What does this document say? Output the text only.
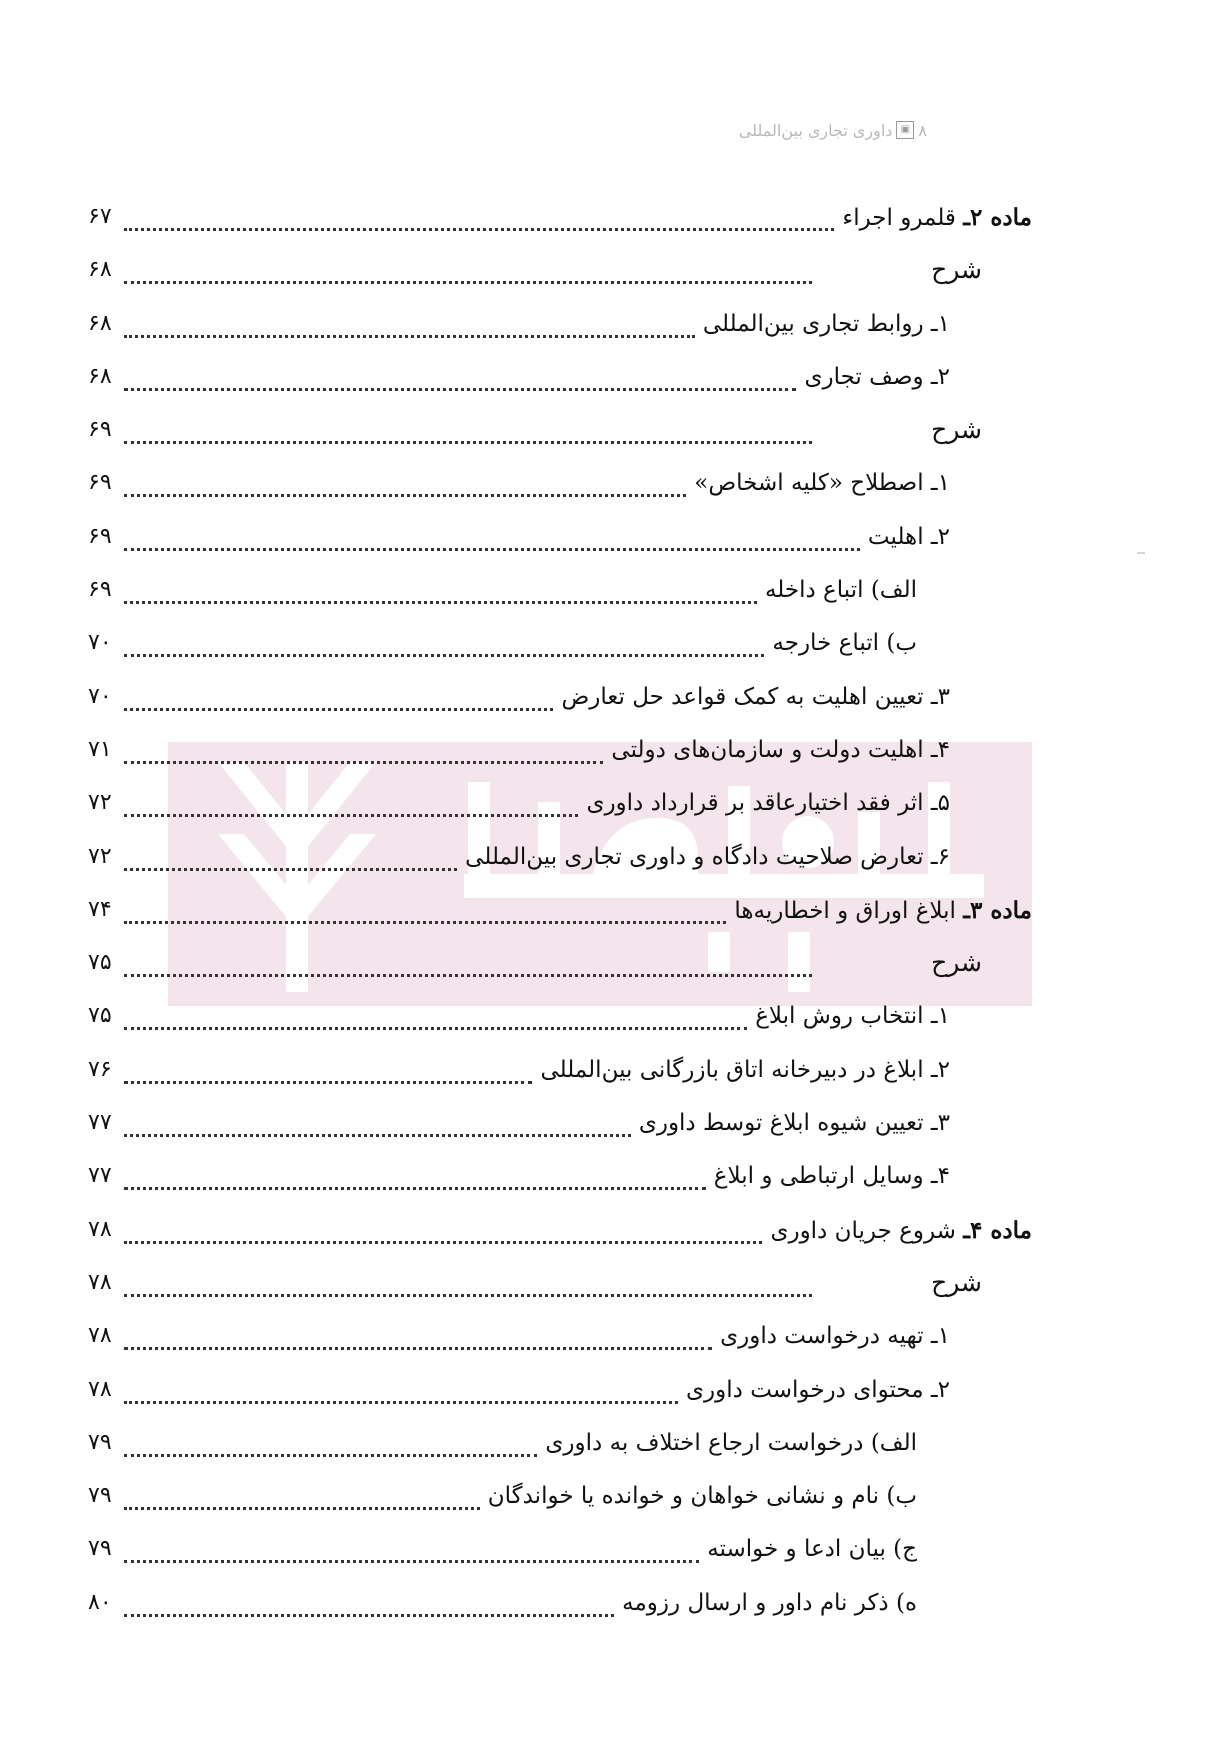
۸
▣
داوری تجاری بین‌المللی
۶۷	ماده ۲ـ قلمرو اجراء
۶۸	شرح
۶۸	۱ـ روابط تجاری بین‌المللی
۶۸	۲ـ وصف تجاری
۶۹	شرح
۶۹	۱ـ اصطلاح «کلیه اشخاص»
۶۹	۲ـ اهلیت
۶۹	الف) اتباع داخله
۷۰	ب) اتباع خارجه
۷۰	۳ـ تعیین اهلیت به کمک قواعد حل تعارض
۷۱	۴ـ اهلیت دولت و سازمان‌های دولتی
۷۲	۵ـ اثر فقد اختیارعاقد بر قرارداد داوری
۷۲	۶ـ تعارض صلاحیت دادگاه و داوری تجاری بین‌المللی
۷۴	ماده ۳ـ ابلاغ اوراق و اخطاریه‌ها
۷۵	شرح
۷۵	۱ـ انتخاب روش ابلاغ
۷۶	۲ـ ابلاغ در دبیرخانه اتاق بازرگانی بین‌المللی
۷۷	۳ـ تعیین شیوه ابلاغ توسط داوری
۷۷	۴ـ وسایل ارتباطی و ابلاغ
۷۸	ماده ۴ـ شروع جریان داوری
۷۸	شرح
۷۸	۱ـ تهیه درخواست داوری
۷۸	۲ـ محتوای درخواست داوری
۷۹	الف) درخواست ارجاع اختلاف به داوری
۷۹	ب) نام و نشانی خواهان و خوانده یا خواندگان
۷۹	ج) بیان ادعا و خواسته
۸۰	ه) ذکر نام داور و ارسال رزومه
